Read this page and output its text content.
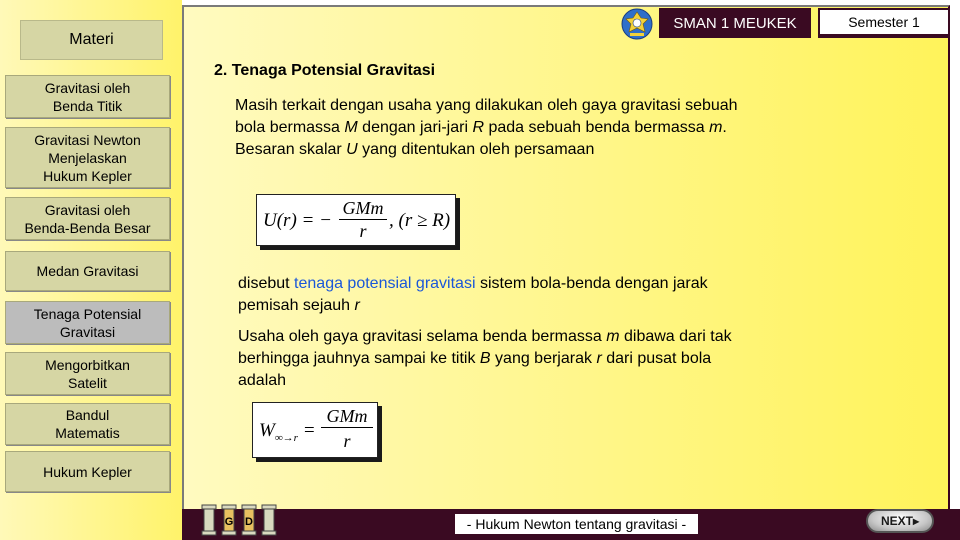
Materi
Gravitasi oleh
Benda Titik
Gravitasi Newton
Menjelaskan
Hukum Kepler
Gravitasi oleh
Benda-Benda Besar
Medan Gravitasi
Tenaga Potensial
Gravitasi
Mengorbitkan
Satelit
Bandul
Matematis
Hukum Kepler
SMAN 1 MEUKEK	Semester 1
2. Tenaga Potensial Gravitasi
Masih terkait dengan usaha yang dilakukan oleh gaya gravitasi sebuah bola bermassa M dengan jari-jari R pada sebuah benda bermassa m. Besaran skalar U yang ditentukan oleh persamaan
U(r) = −
GMm
r	, (r ≥ R)
disebut tenaga potensial gravitasi sistem bola-benda dengan jarak pemisah sejauh r
Usaha oleh gaya gravitasi selama benda bermassa m dibawa dari tak berhingga jauhnya sampai ke titik B yang berjarak r dari pusat bola adalah
$W_{\infty\to r}$ =
GMm
r
G	D	- Hukum Newton tentang gravitasi -	NEXT▸
